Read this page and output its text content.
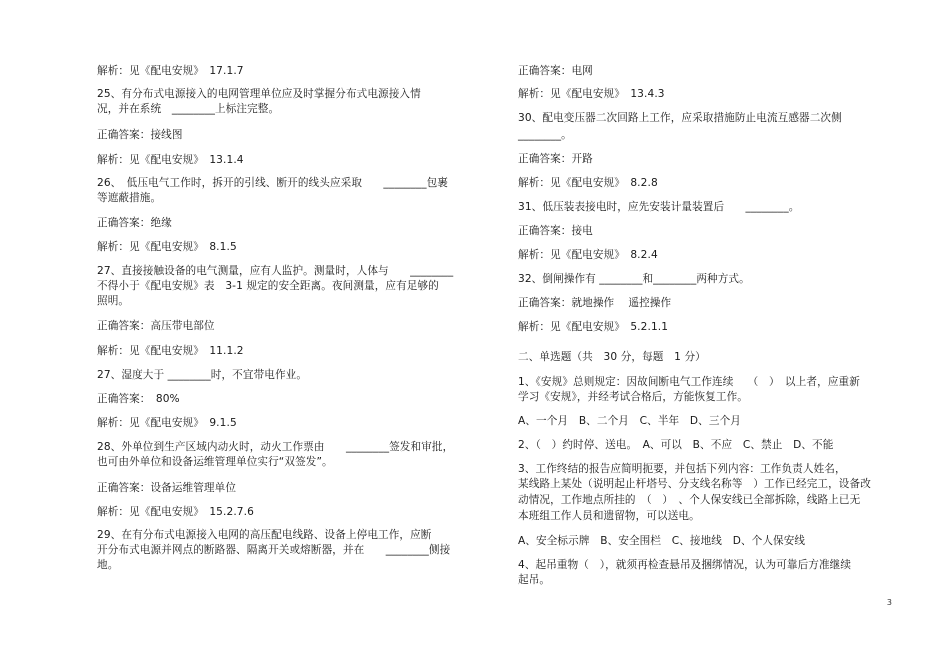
解析：见《配电安规》　17.1.7
25、有分布式电源接入的电网管理单位应及时掌握分布式电源接入情
况，并在系统　________上标注完整。
正确答案：接线图
解析：见《配电安规》　13.1.4
26、　低压电气工作时，拆开的引线、断开的线头应采取　　________包裹
等遮蔽措施。
正确答案：绝缘
解析：见《配电安规》　8.1.5
27、直接接触设备的电气测量，应有人监护。测量时，人体与　　________
不得小于《配电安规》表　3-1 规定的安全距离。夜间测量，应有足够的
照明。
正确答案：高压带电部位
解析：见《配电安规》　11.1.2
27、湿度大于 ________时，不宜带电作业。
正确答案：　80%
解析：见《配电安规》　9.1.5
28、外单位到生产区域内动火时，动火工作票由　　________签发和审批，
也可由外单位和设备运维管理单位实行“双签发”。
正确答案：设备运维管理单位
解析：见《配电安规》　15.2.7.6
29、在有分布式电源接入电网的高压配电线路、设备上停电工作，应断
开分布式电源并网点的断路器、隔离开关或熔断器，并在　　________侧接
地。
正确答案：电网
解析：见《配电安规》　13.4.3
30、配电变压器二次回路上工作，应采取措施防止电流互感器二次侧
________。
正确答案：开路
解析：见《配电安规》　8.2.8
31、低压装表接电时，应先安装计量装置后　　________。
正确答案：接电
解析：见《配电安规》　8.2.4
32、倒闸操作有 ________和________两种方式。
正确答案：就地操作　 遥控操作
解析：见《配电安规》　5.2.1.1
二、单选题（共　30 分，每题　1 分）
1、《安规》总则规定：因故间断电气工作连续　 （　）　以上者，应重新
学习《安规》，并经考试合格后，方能恢复工作。
A、一个月　B、二个月　C、半年　D、三个月
2、（　）约时停、送电。　A、可以　B、不应　C、禁止　D、不能
3、工作终结的报告应简明扼要，并包括下列内容：工作负责人姓名，
某线路上某处（说明起止杆塔号、分支线名称等　）工作已经完工，设备改
动情况，工作地点所挂的　（　）　、个人保安线已全部拆除，线路上已无
本班组工作人员和遗留物，可以送电。
A、安全标示牌　B、安全围栏　C、接地线　D、个人保安线
4、起吊重物（　），就须再检查悬吊及捆绑情况，认为可靠后方准继续
起吊。
3
